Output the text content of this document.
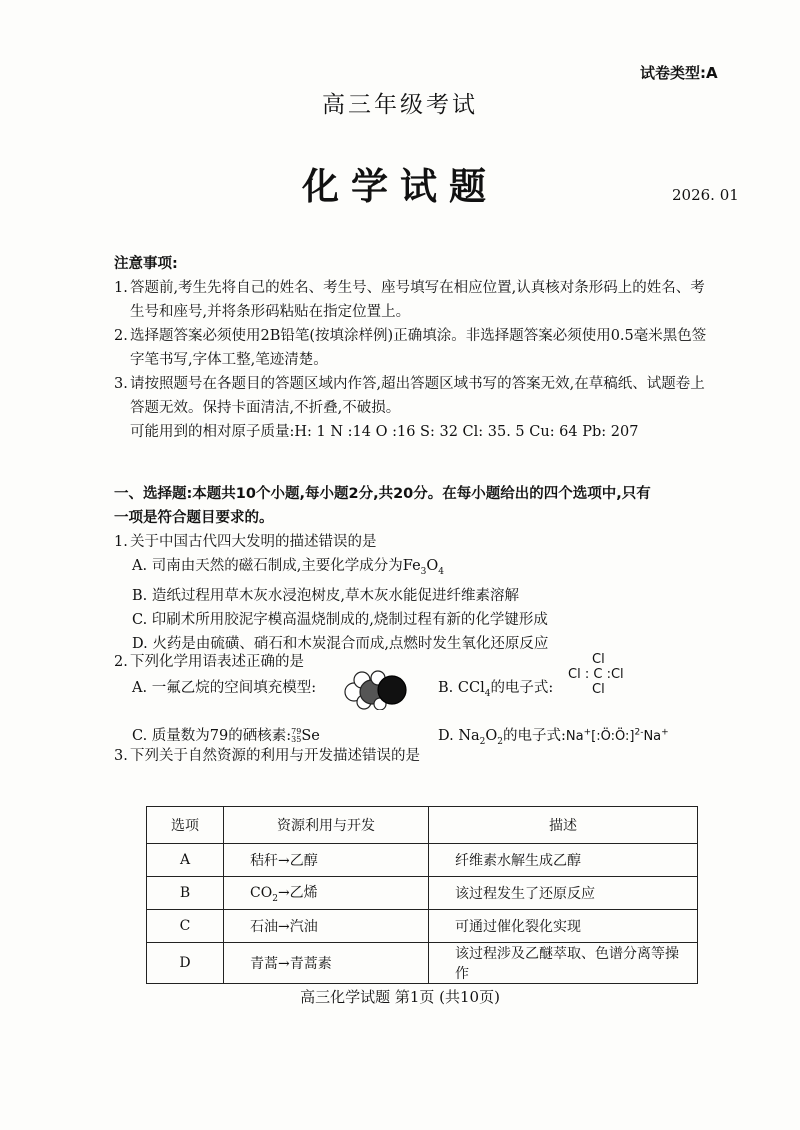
试卷类型:A
高三年级考试
化学试题	2026. 01
注意事项:
1. 答题前,考生先将自己的姓名、考生号、座号填写在相应位置,认真核对条形码上的姓名、考生号和座号,并将条形码粘贴在指定位置上。
2. 选择题答案必须使用2B铅笔(按填涂样例)正确填涂。非选择题答案必须使用0.5毫米黑色签字笔书写,字体工整,笔迹清楚。
3. 请按照题号在各题目的答题区域内作答,超出答题区域书写的答案无效,在草稿纸、试题卷上答题无效。保持卡面清洁,不折叠,不破损。
可能用到的相对原子质量:H: 1 N :14 O :16 S: 32 Cl: 35. 5 Cu: 64 Pb: 207
一、选择题:本题共10个小题,每小题2分,共20分。在每小题给出的四个选项中,只有
一项是符合题目要求的。
1. 关于中国古代四大发明的描述错误的是
A. 司南由天然的磁石制成,主要化学成分为$Fe_3O_4$
B. 造纸过程用草木灰水浸泡树皮,草木灰水能促进纤维素溶解
C. 印刷术所用胶泥字模高温烧制成的,烧制过程有新的化学键形成
D. 火药是由硫磺、硝石和木炭混合而成,点燃时发生氧化还原反应
2. 下列化学用语表述正确的是
A. 一氟乙烷的空间填充模型:	B. CCl$_4$的电子式:
Cl
Cl : C :Cl
Cl
C. 质量数为79的硒核素: 79
35 Se	D. $Na_2O_2$的电子式:Na+[:Ö:Ö:]$^{2-}$Na+
3. 下列关于自然资源的利用与开发描述错误的是
选项	资源利用与开发	描述
A	秸秆→乙醇	纤维素水解生成乙醇
B	$CO_2\to$乙烯	该过程发生了还原反应
C	石油→汽油	可通过催化裂化实现
D	青蒿→青蒿素	该过程涉及乙醚萃取、色谱分离等操作
高三化学试题 第1页 (共10页)
